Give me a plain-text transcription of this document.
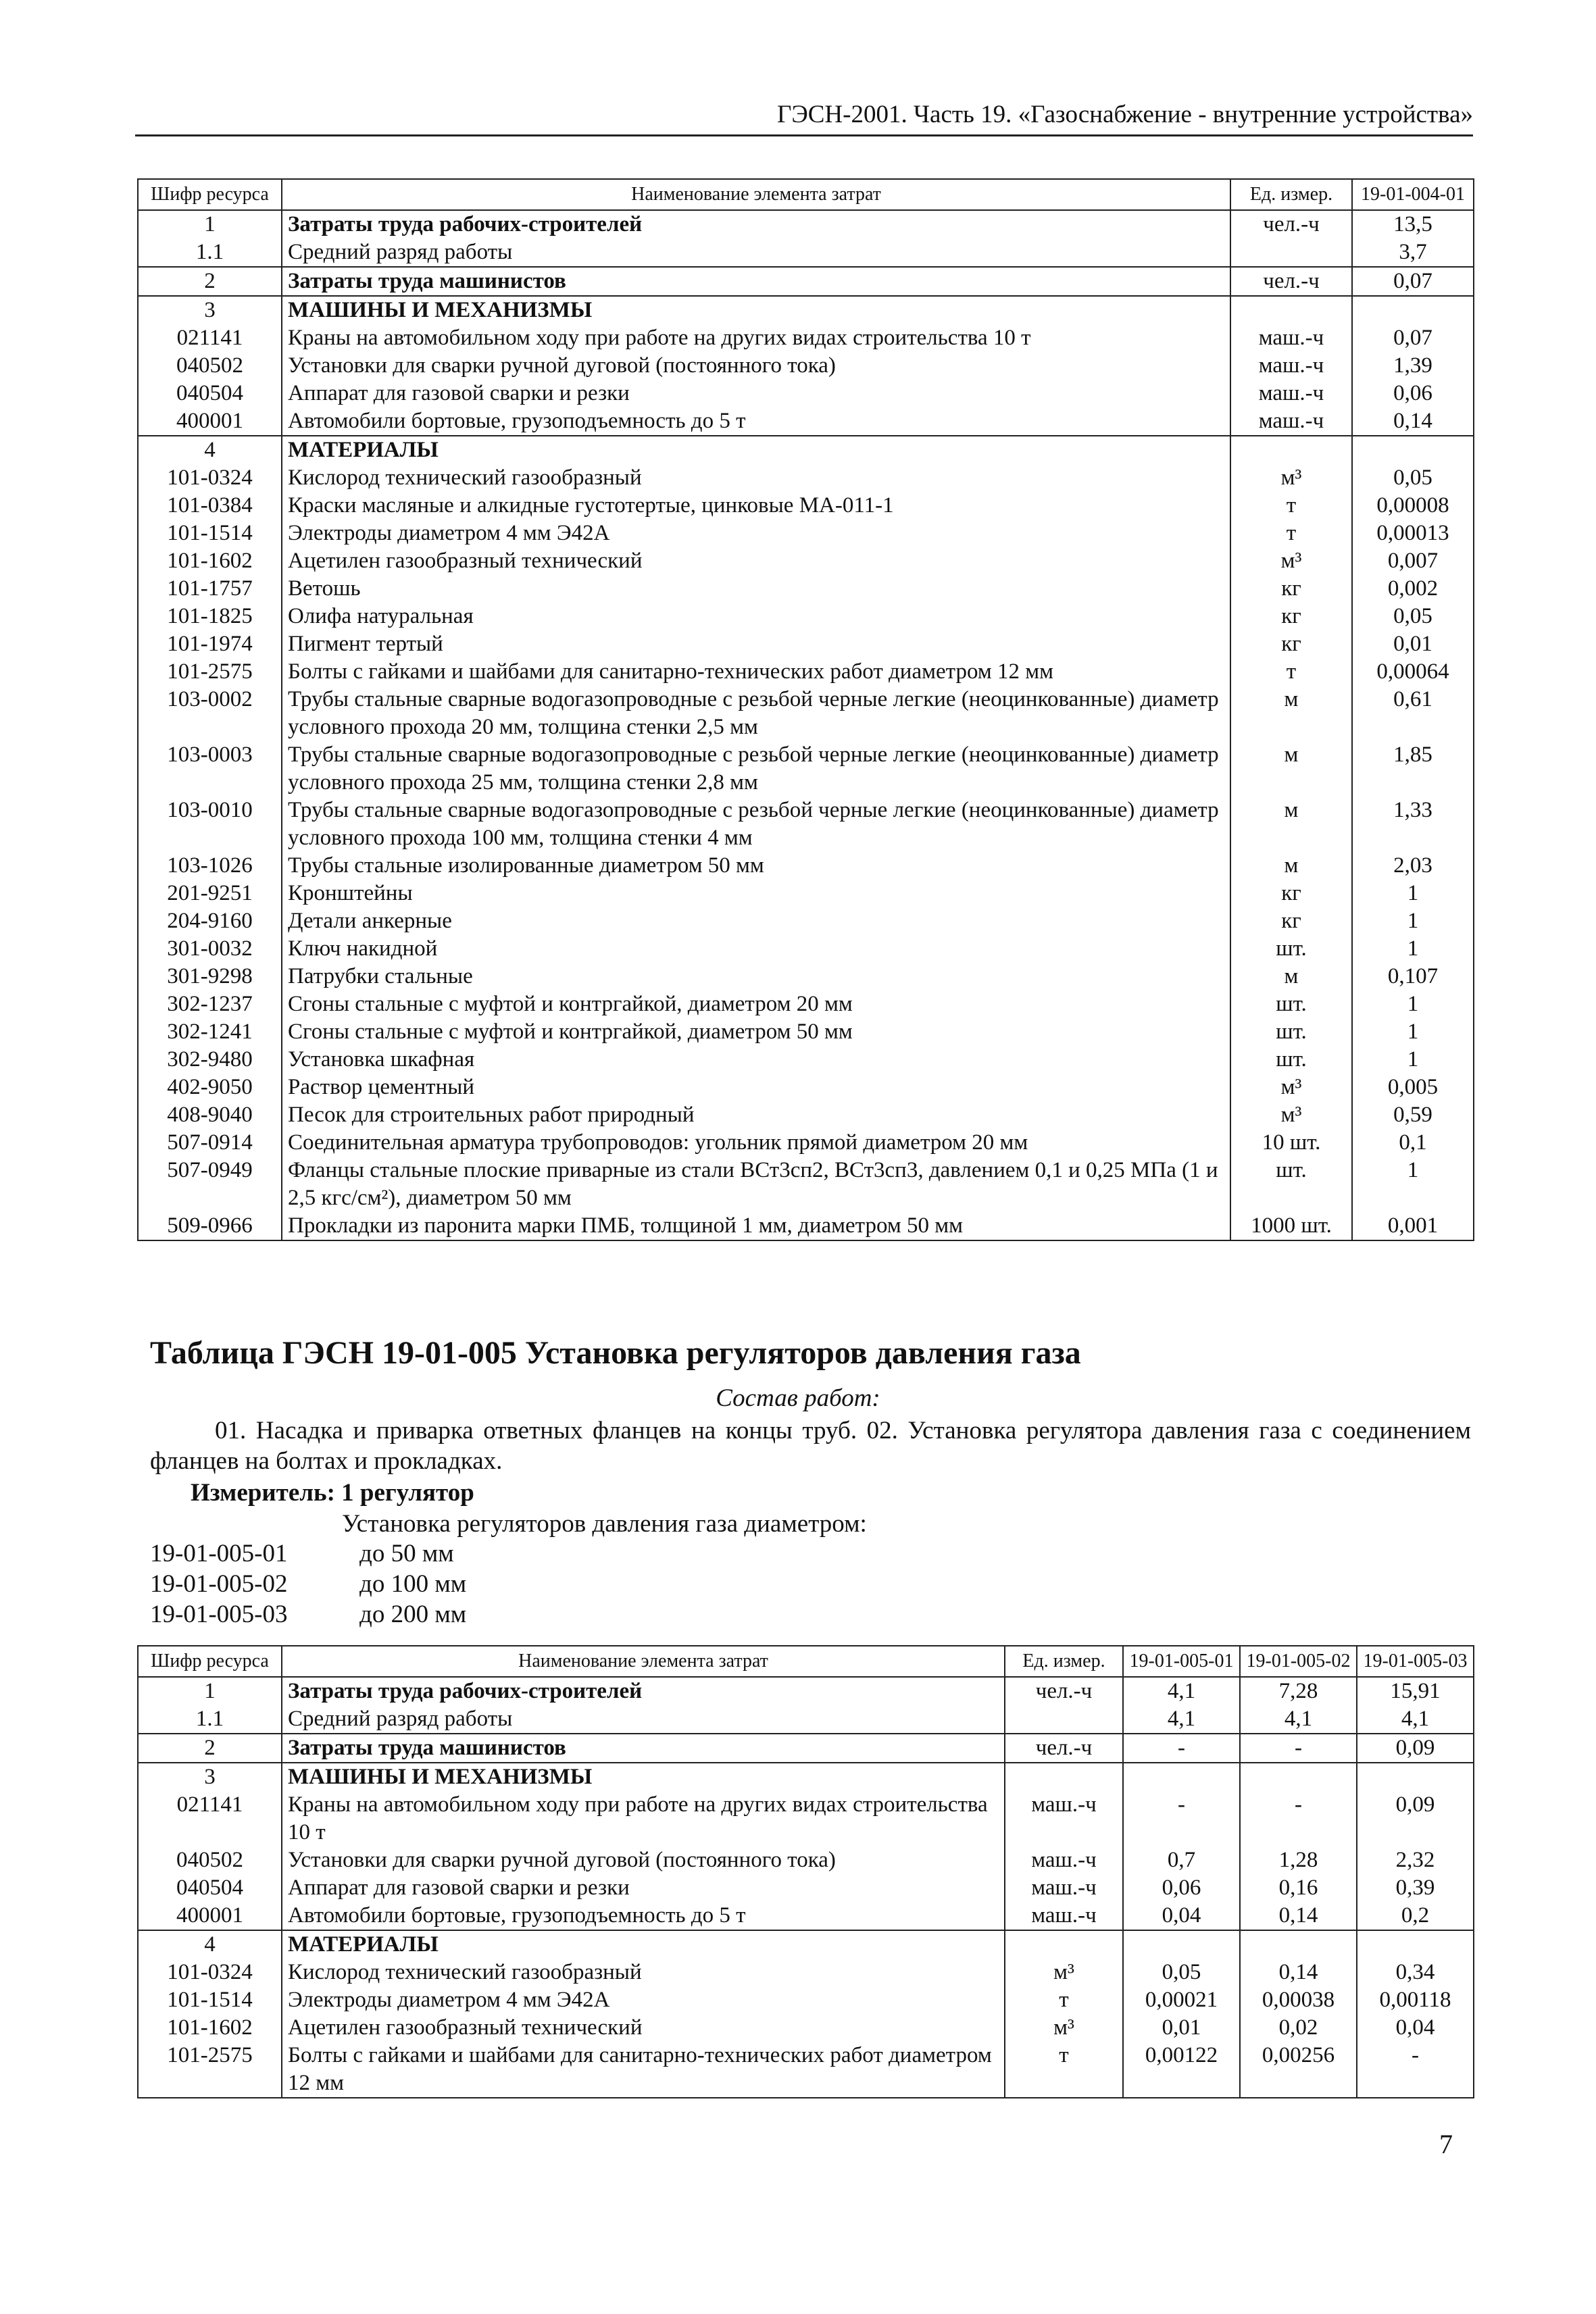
ГЭСН-2001. Часть 19. «Газоснабжение - внутренние устройства»
Шифр ресурса	Наименование элемента затрат	Ед. измер.	19-01-004-01
1	Затраты труда рабочих-строителей	чел.-ч	13,5
1.1	Средний разряд работы		3,7
2	Затраты труда машинистов	чел.-ч	0,07
3	МАШИНЫ И МЕХАНИЗМЫ		
021141	Краны на автомобильном ходу при работе на других видах строительства 10 т	маш.-ч	0,07
040502	Установки для сварки ручной дуговой (постоянного тока)	маш.-ч	1,39
040504	Аппарат для газовой сварки и резки	маш.-ч	0,06
400001	Автомобили бортовые, грузоподъемность до 5 т	маш.-ч	0,14
4	МАТЕРИАЛЫ		
101-0324	Кислород технический газообразный	м³	0,05
101-0384	Краски масляные и алкидные густотертые, цинковые МА-011-1	т	0,00008
101-1514	Электроды диаметром 4 мм Э42А	т	0,00013
101-1602	Ацетилен газообразный технический	м³	0,007
101-1757	Ветошь	кг	0,002
101-1825	Олифа натуральная	кг	0,05
101-1974	Пигмент тертый	кг	0,01
101-2575	Болты с гайками и шайбами для санитарно-технических работ диаметром 12 мм	т	0,00064
103-0002	Трубы стальные сварные водогазопроводные с резьбой черные легкие (неоцинкованные) диаметр условного прохода 20 мм, толщина стенки 2,5 мм	м	0,61
103-0003	Трубы стальные сварные водогазопроводные с резьбой черные легкие (неоцинкованные) диаметр условного прохода 25 мм, толщина стенки 2,8 мм	м	1,85
103-0010	Трубы стальные сварные водогазопроводные с резьбой черные легкие (неоцинкованные) диаметр условного прохода 100 мм, толщина стенки 4 мм	м	1,33
103-1026	Трубы стальные изолированные диаметром 50 мм	м	2,03
201-9251	Кронштейны	кг	1
204-9160	Детали анкерные	кг	1
301-0032	Ключ накидной	шт.	1
301-9298	Патрубки стальные	м	0,107
302-1237	Сгоны стальные с муфтой и контргайкой, диаметром 20 мм	шт.	1
302-1241	Сгоны стальные с муфтой и контргайкой, диаметром 50 мм	шт.	1
302-9480	Установка шкафная	шт.	1
402-9050	Раствор цементный	м³	0,005
408-9040	Песок для строительных работ природный	м³	0,59
507-0914	Соединительная арматура трубопроводов: угольник прямой диаметром 20 мм	10 шт.	0,1
507-0949	Фланцы стальные плоские приварные из стали ВСт3сп2, ВСт3сп3, давлением 0,1 и 0,25 МПа (1 и 2,5 кгс/см²), диаметром 50 мм	шт.	1
509-0966	Прокладки из паронита марки ПМБ, толщиной 1 мм, диаметром 50 мм	1000 шт.	0,001
Таблица ГЭСН 19-01-005 Установка регуляторов давления газа
Состав работ:
01. Насадка и приварка ответных фланцев на концы труб. 02. Установка регулятора давления газа с соединением фланцев на болтах и прокладках.
Измеритель: 1 регулятор
Установка регуляторов давления газа диаметром:
19-01-005-01	до 50 мм
19-01-005-02	до 100 мм
19-01-005-03	до 200 мм
Шифр ресурса	Наименование элемента затрат	Ед. измер.	19-01-005-01	19-01-005-02	19-01-005-03
1	Затраты труда рабочих-строителей	чел.-ч	4,1	7,28	15,91
1.1	Средний разряд работы		4,1	4,1	4,1
2	Затраты труда машинистов	чел.-ч	-	-	0,09
3	МАШИНЫ И МЕХАНИЗМЫ				
021141	Краны на автомобильном ходу при работе на других видах строительства 10 т	маш.-ч	-	-	0,09
040502	Установки для сварки ручной дуговой (постоянного тока)	маш.-ч	0,7	1,28	2,32
040504	Аппарат для газовой сварки и резки	маш.-ч	0,06	0,16	0,39
400001	Автомобили бортовые, грузоподъемность до 5 т	маш.-ч	0,04	0,14	0,2
4	МАТЕРИАЛЫ				
101-0324	Кислород технический газообразный	м³	0,05	0,14	0,34
101-1514	Электроды диаметром 4 мм Э42А	т	0,00021	0,00038	0,00118
101-1602	Ацетилен газообразный технический	м³	0,01	0,02	0,04
101-2575	Болты с гайками и шайбами для санитарно-технических работ диаметром 12 мм	т	0,00122	0,00256	-
7
